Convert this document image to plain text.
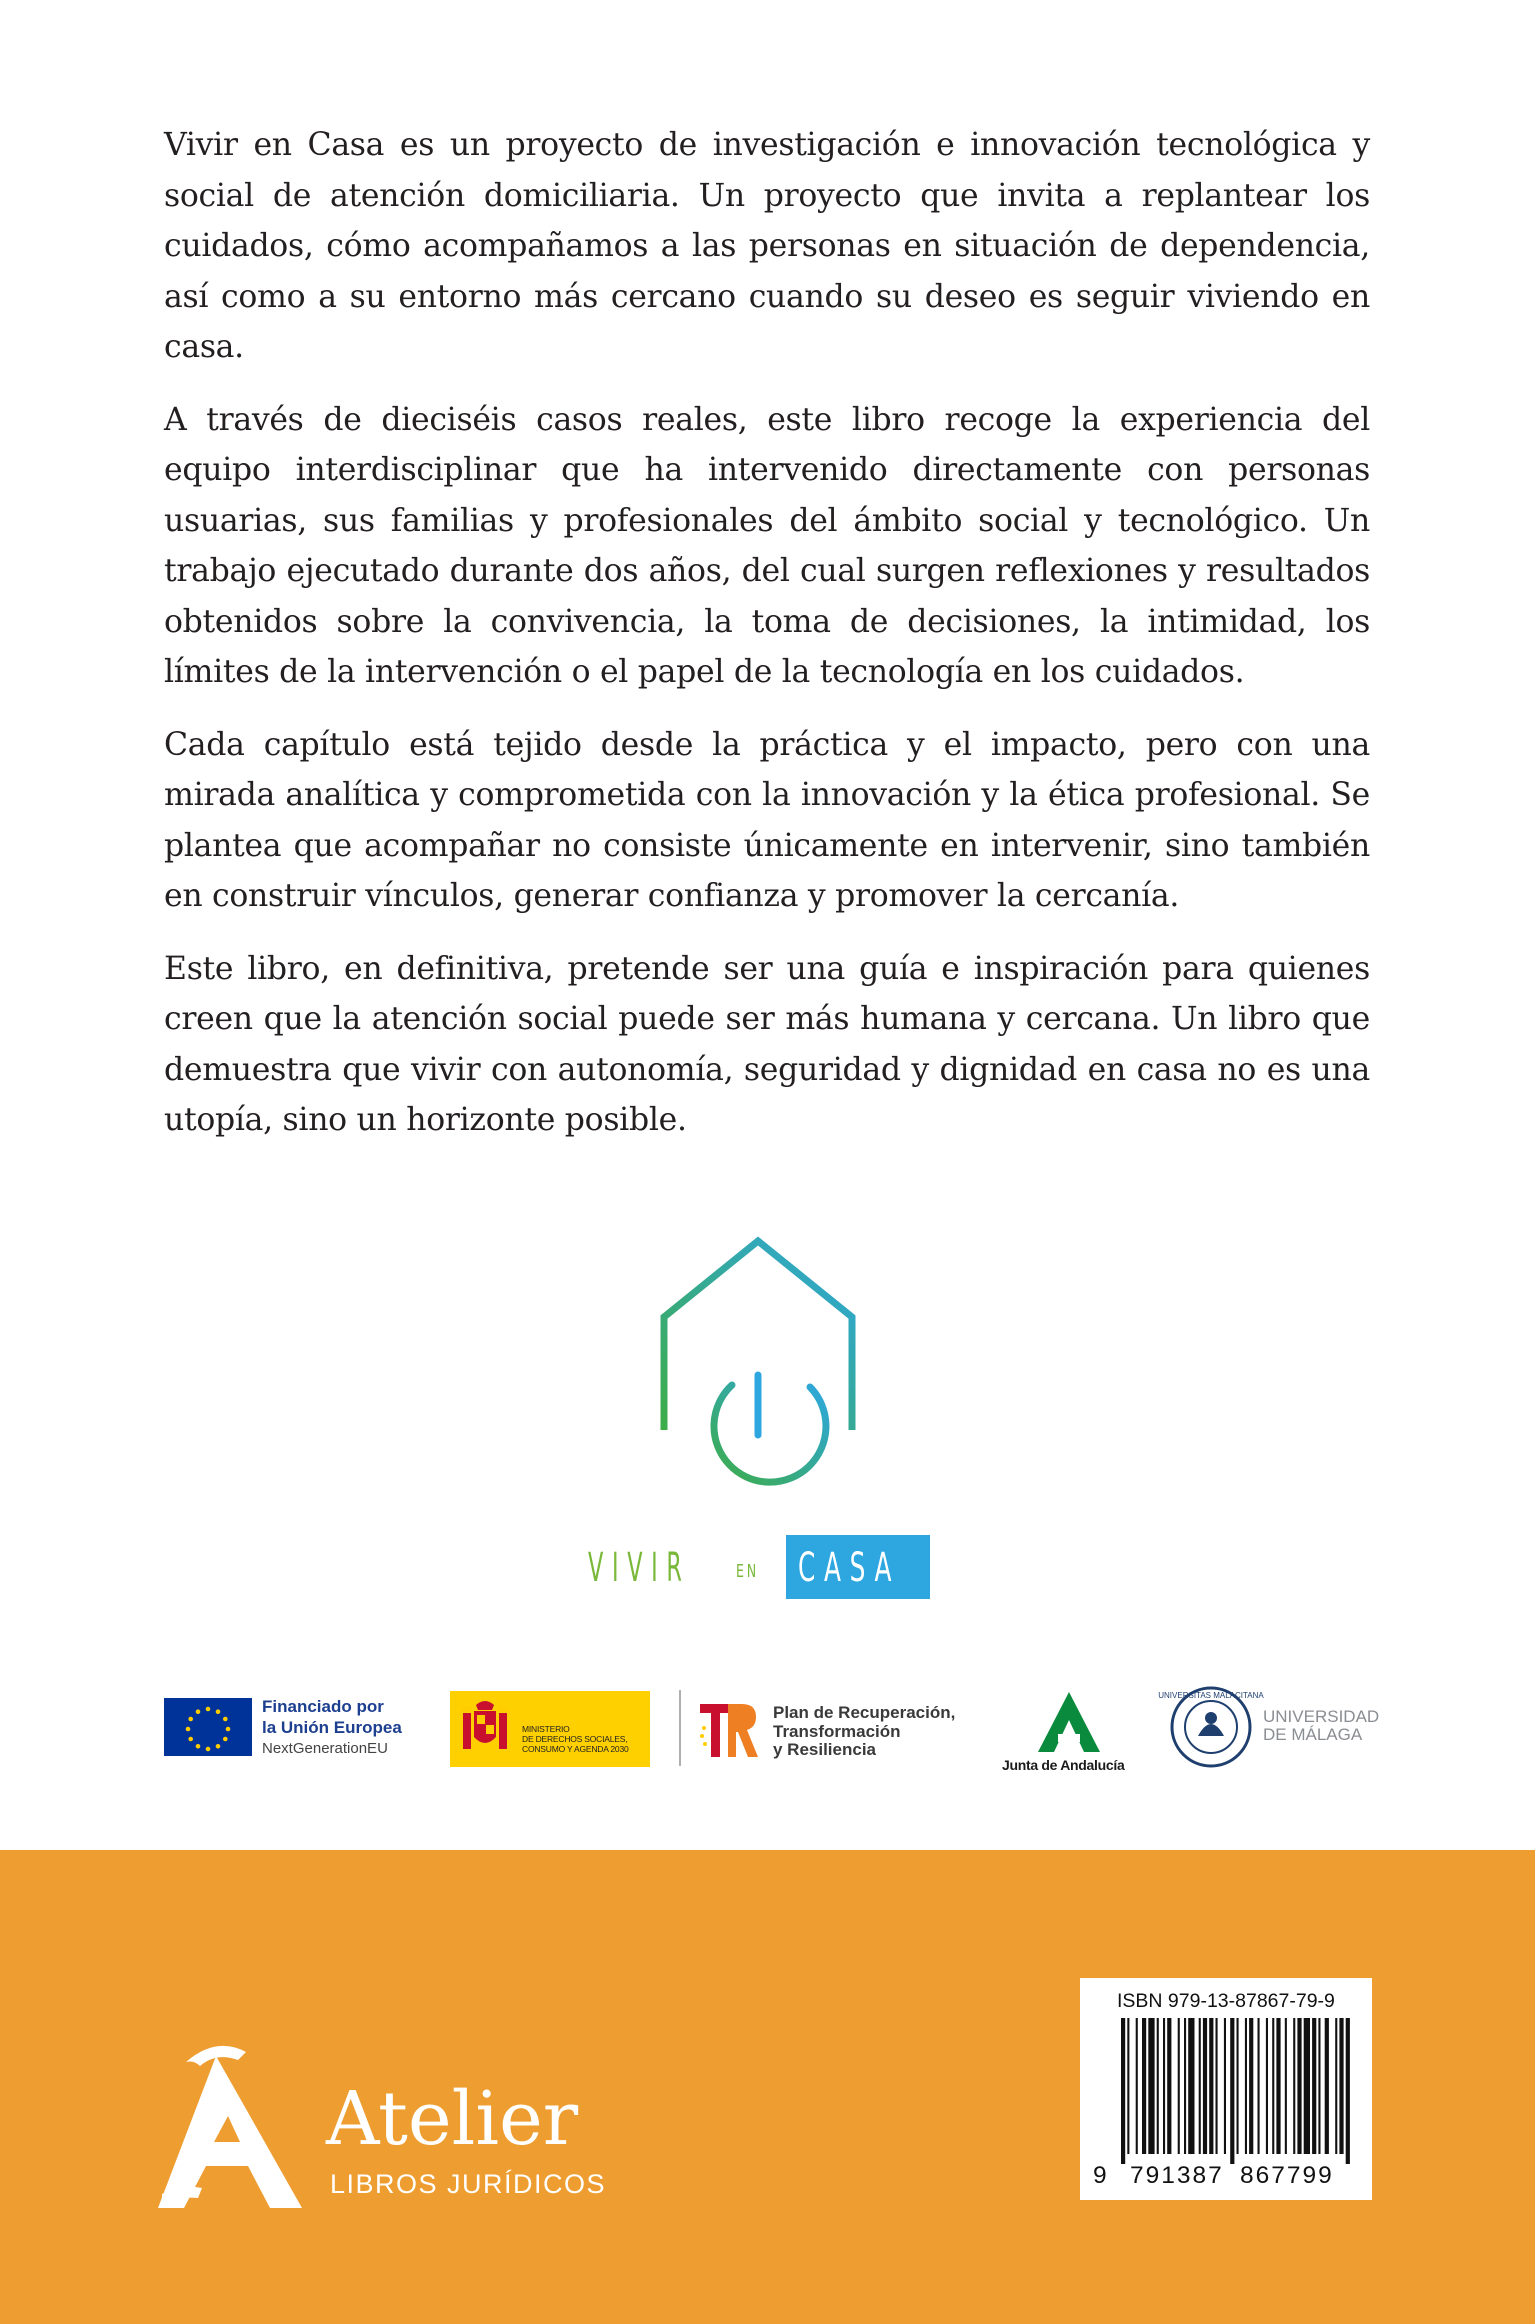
Vivir en Casa es un proyecto de investigación e innovación tecnológica y social de atención domiciliaria. Un proyecto que invita a replantear los cuidados, cómo acompañamos a las personas en situación de dependencia, así como a su entorno más cercano cuando su deseo es seguir viviendo en casa.

A través de dieciséis casos reales, este libro recoge la experiencia del equipo interdisciplinar que ha intervenido directamente con personas usuarias, sus familias y profesionales del ámbito social y tecnológico. Un trabajo ejecutado durante dos años, del cual surgen reflexiones y resultados obtenidos sobre la convivencia, la toma de decisiones, la intimidad, los límites de la intervención o el papel de la tecnología en los cuidados.

Cada capítulo está tejido desde la práctica y el impacto, pero con una mirada analítica y comprometida con la innovación y la ética profesional. Se plantea que acompañar no consiste únicamente en intervenir, sino también en construir vínculos, generar confianza y promover la cercanía.

Este libro, en definitiva, pretende ser una guía e inspiración para quienes creen que la atención social puede ser más humana y cercana. Un libro que demuestra que vivir con autonomía, seguridad y dignidad en casa no es una utopía, sino un horizonte posible.

VIVIR	EN CASA
Financiado por
la Unión Europea
NextGenerationEU
MINISTERIO
DE DERECHOS SOCIALES,
CONSUMO Y AGENDA 2030
Plan de Recuperación,
Transformación
y Resiliencia
Junta de Andalucía
UNIVERSITAS MALACITANA
UNIVERSIDAD
DE MÁLAGA
Atelier
LIBROS JURÍDICOS
ISBN 979-13-87867-79-9
9 791387 867799
